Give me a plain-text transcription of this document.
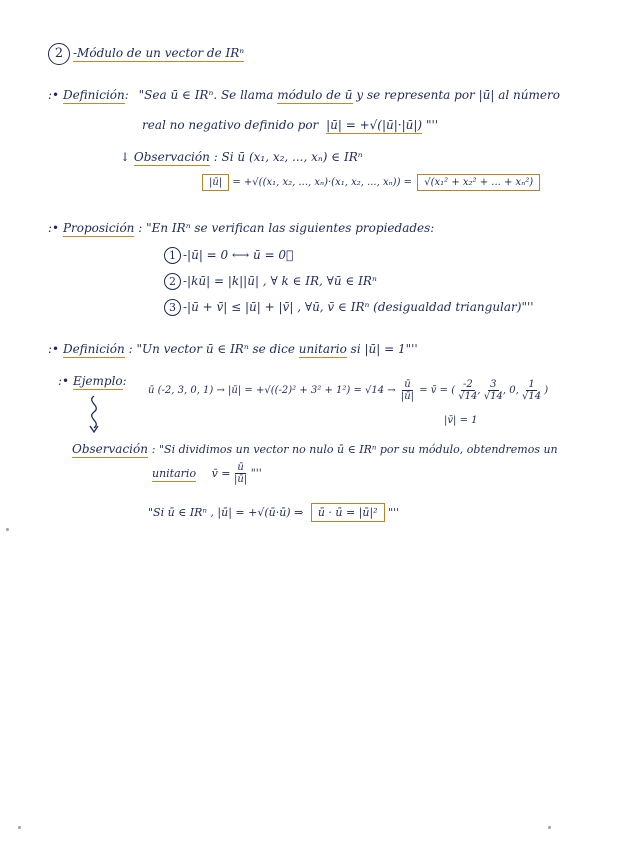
2 -Módulo de un vector de IRⁿ
:• Definición: "Sea ū ∈ IRⁿ. Se llama módulo de ū y se representa por |ū| al número
real no negativo definido por |ū| = +√(|ū|·|ū|) "''
↓ Observación : Si ū (x₁, x₂, ..., xₙ) ∈ IRⁿ
|ū| = +√((x₁, x₂, ..., xₙ)·(x₁, x₂, ..., xₙ)) = √(x₁² + x₂² + ... + xₙ²)
:• Proposición : "En IRⁿ se verifican las siguientes propiedades:
1 -|ū| = 0 ⟷ ū = 0⃗
2 -|kū| = |k||ū| , ∀ k ∈ IR, ∀ū ∈ IRⁿ
3 -|ū + v̄| ≤ |ū| + |v̄| , ∀ū, v̄ ∈ IRⁿ (desigualdad triangular)"''
:• Definición : "Un vector ū ∈ IRⁿ se dice unitario si |ū| = 1"''
:• Ejemplo:
ū (-2, 3, 0, 1) → |ū| = $+√((-2)^2 + 3^2 + 1^2) = √14 \to \frac{ū}{|ū|}$ = v̄ = ( $\frac{-2}{√14}$ , $\frac{3}{√14}$ , 0, $\frac{1}{√14}$ )
|v̄| = 1
Observación : "Si dividimos un vector no nulo ū ∈ IRⁿ por su módulo, obtendremos un
unitario v̄ = $\frac{ū}{|ū|}$ "''
"Si ū ∈ IRⁿ , |ū| = +√(ū·ū) ⇒ ū · ū = |ū|² "''
